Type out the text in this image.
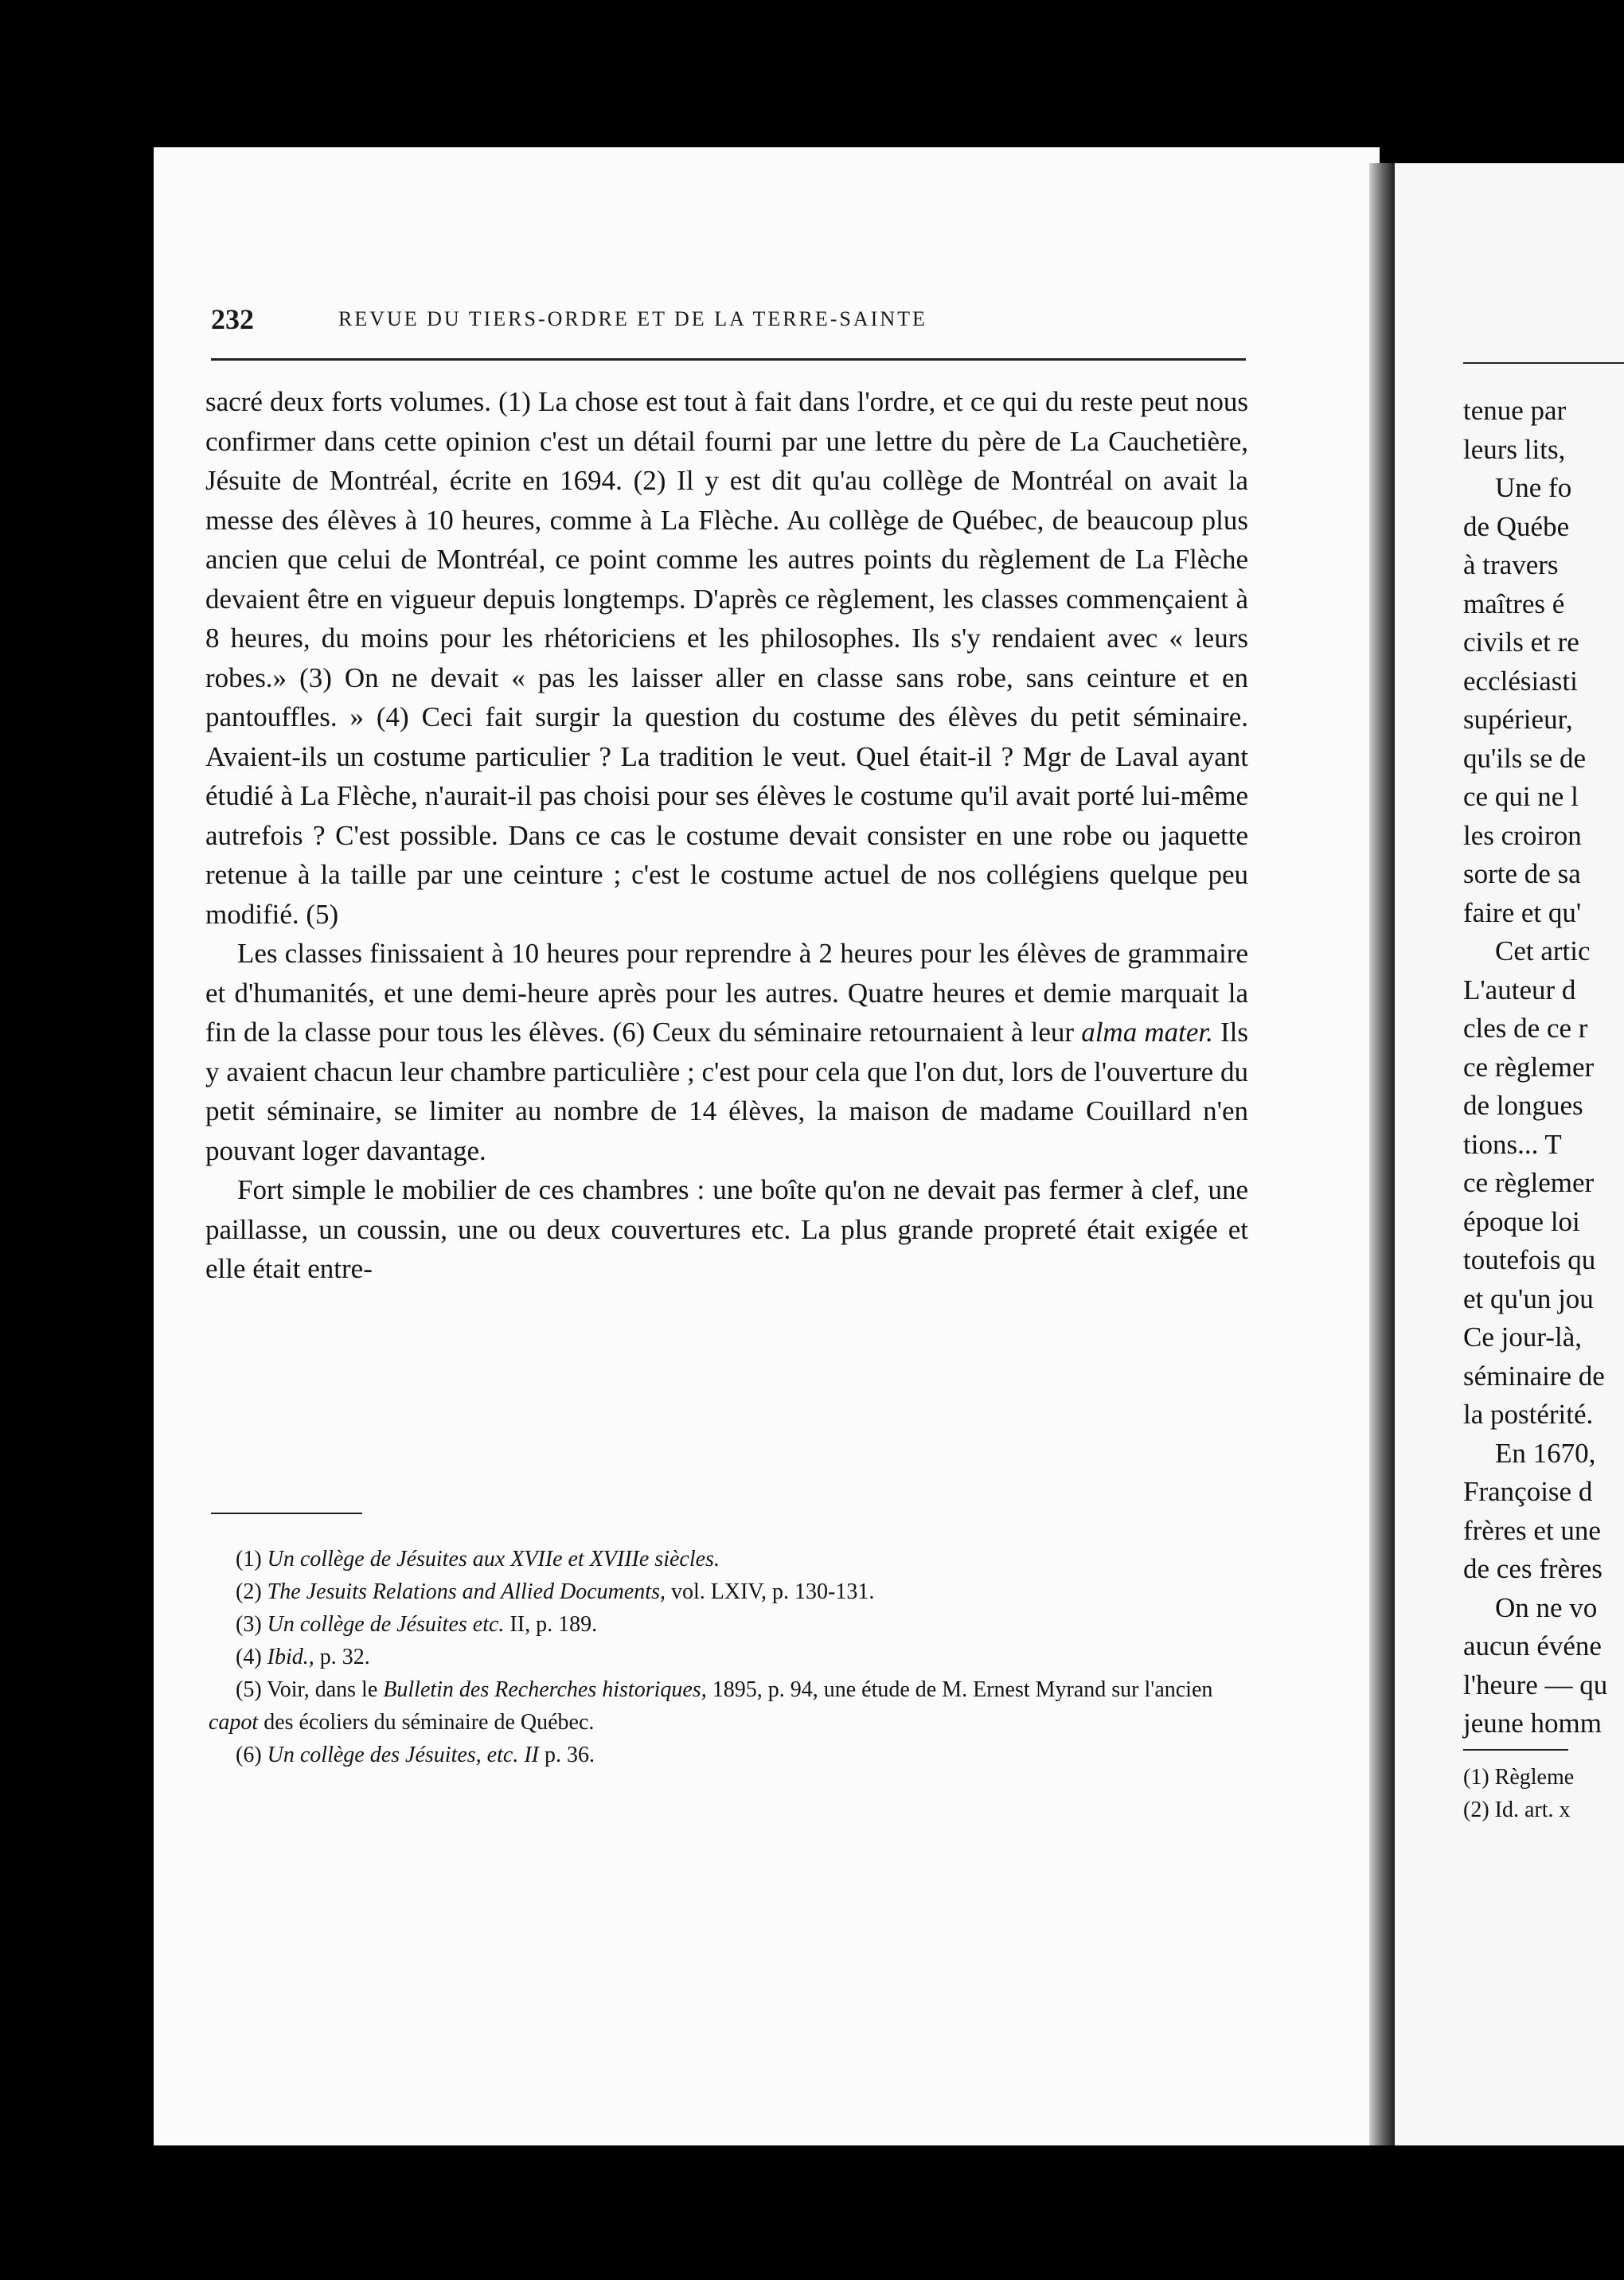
232	REVUE DU TIERS-ORDRE ET DE LA TERRE-SAINTE

sacré deux forts volumes. (1) La chose est tout à fait dans l'ordre, et ce qui du reste peut nous confirmer dans cette opinion c'est un détail fourni par une lettre du père de La Cauchetière, Jésuite de Montréal, écrite en 1694. (2) Il y est dit qu'au collège de Montréal on avait la messe des élèves à 10 heures, comme à La Flèche. Au collège de Québec, de beaucoup plus ancien que celui de Montréal, ce point comme les autres points du règlement de La Flèche devaient être en vigueur depuis longtemps. D'après ce règlement, les classes commençaient à 8 heures, du moins pour les rhétoriciens et les philosophes. Ils s'y rendaient avec « leurs robes.» (3) On ne devait « pas les laisser aller en classe sans robe, sans ceinture et en pantouffles. » (4) Ceci fait surgir la question du costume des élèves du petit séminaire. Avaient-ils un costume particulier ? La tradition le veut. Quel était-il ? Mgr de Laval ayant étudié à La Flèche, n'aurait-il pas choisi pour ses élèves le costume qu'il avait porté lui-même autrefois ? C'est possible. Dans ce cas le costume devait consister en une robe ou jaquette retenue à la taille par une ceinture ; c'est le costume actuel de nos collégiens quelque peu modifié. (5)

Les classes finissaient à 10 heures pour reprendre à 2 heures pour les élèves de grammaire et d'humanités, et une demi-heure après pour les autres. Quatre heures et demie marquait la fin de la classe pour tous les élèves. (6) Ceux du séminaire retournaient à leur alma mater. Ils y avaient chacun leur chambre particulière ; c'est pour cela que l'on dut, lors de l'ouverture du petit séminaire, se limiter au nombre de 14 élèves, la maison de madame Couillard n'en pouvant loger davantage.

Fort simple le mobilier de ces chambres : une boîte qu'on ne devait pas fermer à clef, une paillasse, un coussin, une ou deux couvertures etc. La plus grande propreté était exigée et elle était entre-

(1) Un collège de Jésuites aux XVIIe et XVIIIe siècles.

(2) The Jesuits Relations and Allied Documents, vol. LXIV, p. 130-131.

(3) Un collège de Jésuites etc. II, p. 189.

(4) Ibid., p. 32.

(5) Voir, dans le Bulletin des Recherches historiques, 1895, p. 94, une étude de M. Ernest Myrand sur l'ancien capot des écoliers du séminaire de Québec.

(6) Un collège des Jésuites, etc. II p. 36.

tenue par

leurs lits,

Une fo

de Québe

à travers

maîtres é

civils et re

ecclésiasti

supérieur,

qu'ils se de

ce qui ne l

les croiron

sorte de sa

faire et qu'

Cet artic

L'auteur d

cles de ce r

ce règlemer

de longues

tions... T

ce règlemer

époque loi

toutefois qu

et qu'un jou

Ce jour-là,

séminaire de

la postérité.

En 1670,

Françoise d

frères et une

de ces frères

On ne vo

aucun événe

l'heure — qu

jeune homm

(1) Règleme

(2) Id. art. x
